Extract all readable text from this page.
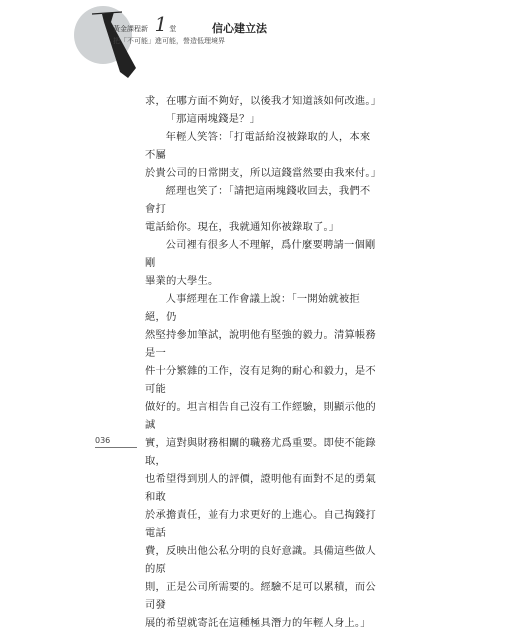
黃金課程新 1 堂	信心建立法
把「不可能」進可能，營造低理境界

求，在哪方面不夠好，以後我才知道該如何改進。」

「那這兩塊錢是？」

年輕人笑答：「打電話給沒被錄取的人，本來不屬

於貴公司的日常開支，所以這錢當然要由我來付。」

經理也笑了：「請把這兩塊錢收回去，我們不會打

電話給你。現在，我就通知你被錄取了。」

公司裡有很多人不理解，爲什麼要聘請一個剛剛

畢業的大學生。

人事經理在工作會議上說：「一開始就被拒絕，仍

然堅持參加筆試，說明他有堅強的毅力。清算帳務是一

件十分繁雜的工作，沒有足夠的耐心和毅力，是不可能

做好的。坦言相告自己沒有工作經驗，則顯示他的誠

實，這對與財務相關的職務尤爲重要。即使不能錄取，

也希望得到別人的評價，證明他有面對不足的勇氣和敢

於承擔責任，並有力求更好的上進心。自己掏錢打電話

費，反映出他公私分明的良好意識。具備這些做人的原

則，正是公司所需要的。經驗不足可以累積，而公司發

展的希望就寄託在這種極具潛力的年輕人身上。」

036
